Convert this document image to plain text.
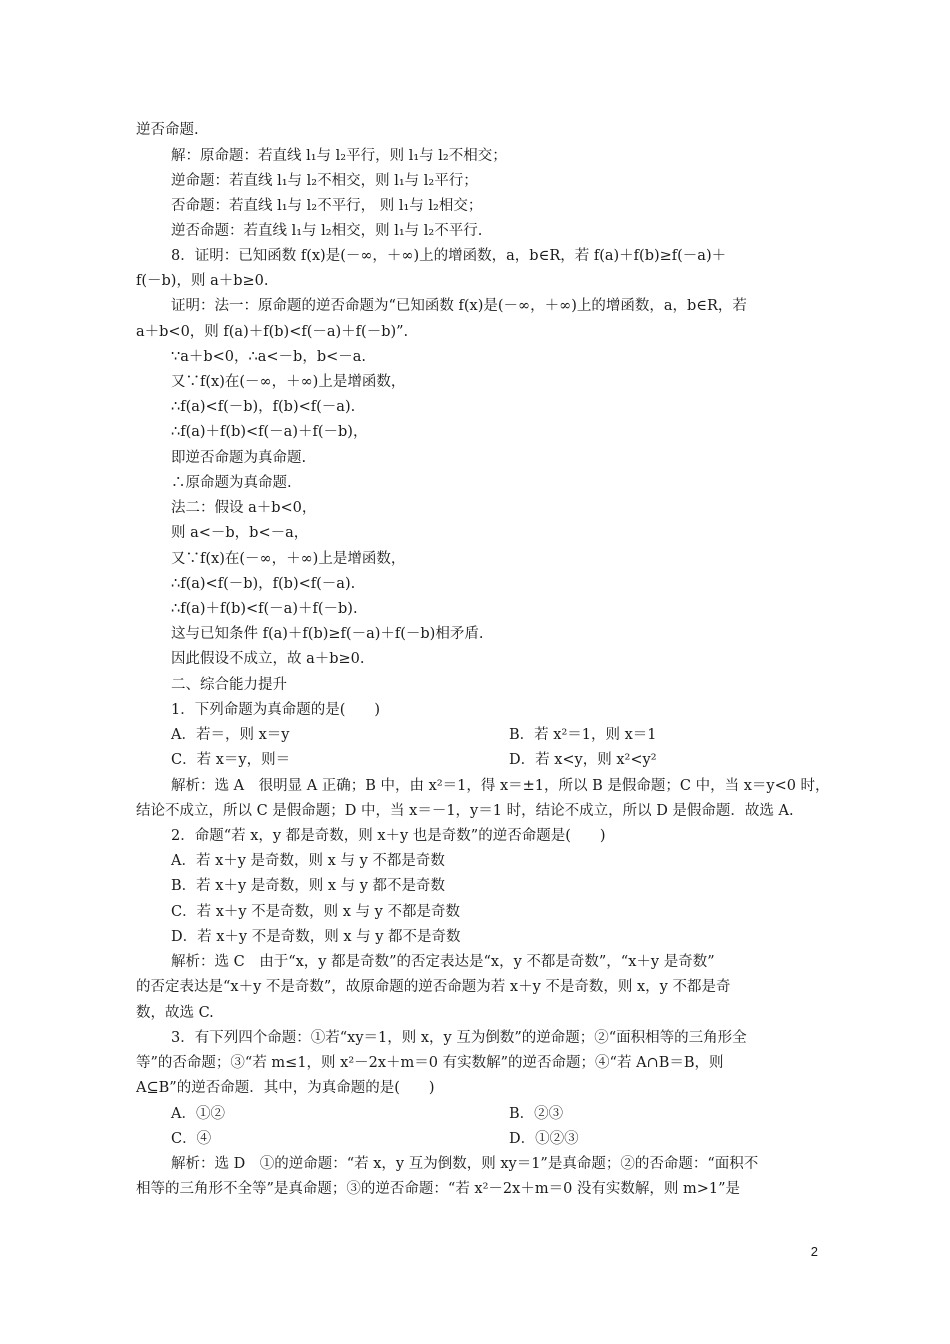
逆否命题.
解：原命题：若直线 l₁与 l₂平行，则 l₁与 l₂不相交；
逆命题：若直线 l₁与 l₂不相交，则 l₁与 l₂平行；
否命题：若直线 l₁与 l₂不平行， 则 l₁与 l₂相交；
逆否命题：若直线 l₁与 l₂相交，则 l₁与 l₂不平行.
8．证明：已知函数 f(x)是(－∞，＋∞)上的增函数，a，b∈R，若 f(a)＋f(b)≥f(－a)＋
f(－b)，则 a＋b≥0.
证明：法一：原命题的逆否命题为“已知函数 f(x)是(－∞，＋∞)上的增函数，a，b∈R，若
a＋b<0，则 f(a)＋f(b)<f(－a)＋f(－b)”.
∵a＋b<0，∴a<－b，b<－a.
又∵f(x)在(－∞，＋∞)上是增函数，
∴f(a)<f(－b)，f(b)<f(－a).
∴f(a)＋f(b)<f(－a)＋f(－b)，
即逆否命题为真命题.
∴原命题为真命题.
法二：假设 a＋b<0，
则 a<－b，b<－a，
又∵f(x)在(－∞，＋∞)上是增函数，
∴f(a)<f(－b)，f(b)<f(－a).
∴f(a)＋f(b)<f(－a)＋f(－b).
这与已知条件 f(a)＋f(b)≥f(－a)＋f(－b)相矛盾.
因此假设不成立，故 a＋b≥0.
二、综合能力提升
1．下列命题为真命题的是(　　)
A．若＝，则 x＝y	B．若 x²＝1，则 x＝1
C．若 x＝y，则＝	D．若 x<y，则 x²<y²
解析：选 A　很明显 A 正确；B 中，由 x²＝1，得 x＝±1，所以 B 是假命题；C 中，当 x＝y<0 时，
结论不成立，所以 C 是假命题；D 中，当 x＝－1，y＝1 时，结论不成立，所以 D 是假命题．故选 A.
2．命题“若 x，y 都是奇数，则 x＋y 也是奇数”的逆否命题是(　　)
A．若 x＋y 是奇数，则 x 与 y 不都是奇数
B．若 x＋y 是奇数，则 x 与 y 都不是奇数
C．若 x＋y 不是奇数，则 x 与 y 不都是奇数
D．若 x＋y 不是奇数，则 x 与 y 都不是奇数
解析：选 C　由于“x，y 都是奇数”的否定表达是“x，y 不都是奇数”，“x＋y 是奇数”
的否定表达是“x＋y 不是奇数”，故原命题的逆否命题为若 x＋y 不是奇数，则 x，y 不都是奇
数，故选 C.
3．有下列四个命题：①若“xy＝1，则 x，y 互为倒数”的逆命题；②“面积相等的三角形全
等”的否命题；③“若 m≤1，则 x²－2x＋m＝0 有实数解”的逆否命题；④“若 A∩B＝B，则
A⊆B”的逆否命题．其中，为真命题的是(　　)
A．①②	B．②③
C．④	D．①②③
解析：选 D　①的逆命题：“若 x，y 互为倒数，则 xy＝1”是真命题；②的否命题：“面积不
相等的三角形不全等”是真命题；③的逆否命题：“若 x²－2x＋m＝0 没有实数解，则 m>1”是
2
